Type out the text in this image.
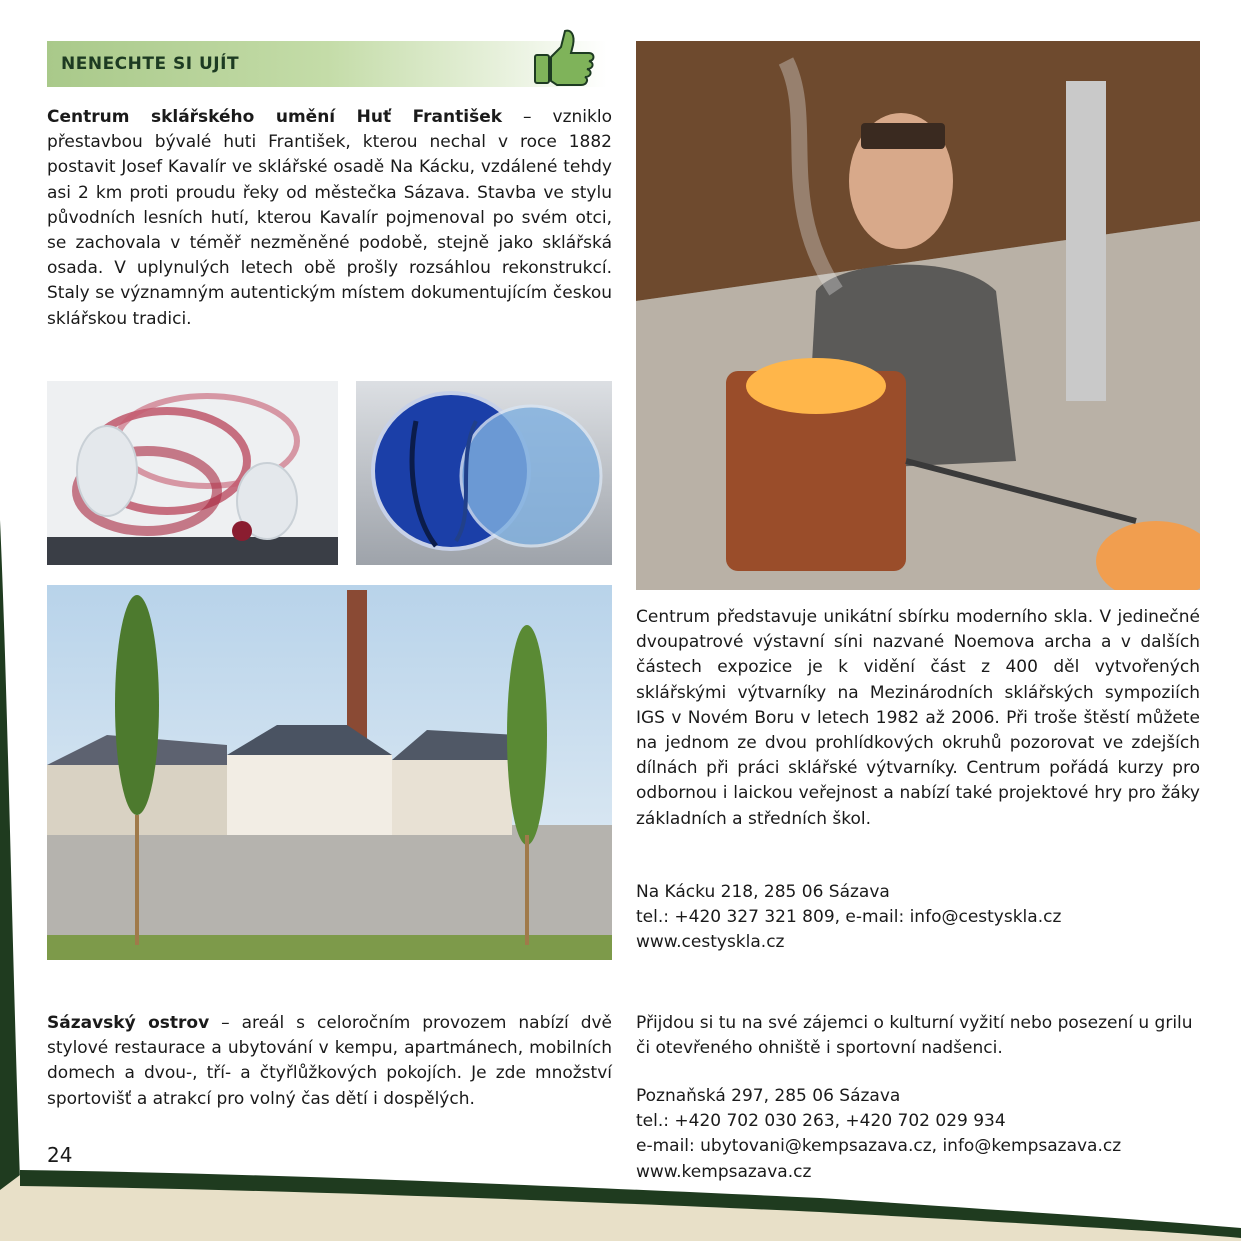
NENECHTE SI UJÍT
Centrum sklářského umění Huť František – vzniklo přestavbou bývalé huti František, kterou nechal v roce 1882 postavit Josef Kavalír ve sklářské osadě Na Kácku, vzdálené tehdy asi 2 km proti proudu řeky od městečka Sázava. Stavba ve stylu původních lesních hutí, kterou Kavalír pojmenoval po svém otci, se zachovala v téměř nezměněné podobě, stejně jako sklářská osada. V uplynulých letech obě prošly rozsáhlou rekonstrukcí. Staly se významným autentickým místem dokumentujícím českou sklářskou tradici.
Centrum představuje unikátní sbírku moderního skla. V jedinečné dvoupatrové výstavní síni nazvané Noemova archa a v dalších částech expozice je k vidění část z 400 děl vytvořených sklářskými výtvarníky na Mezinárodních sklářských sympoziích IGS v Novém Boru v letech 1982 až 2006. Při troše štěstí můžete na jednom ze dvou prohlídkových okruhů pozorovat ve zdejších dílnách při práci sklářské výtvarníky. Centrum pořádá kurzy pro odbornou i laickou veřejnost a nabízí také projektové hry pro žáky základních a středních škol.
Na Kácku 218, 285 06 Sázava
tel.: +420 327 321 809, e-mail: info@cestyskla.cz
www.cestyskla.cz
Sázavský ostrov – areál s celoročním provozem nabízí dvě stylové restaurace a ubytování v kempu, apartmánech, mobilních domech a dvou-, tří- a čtyřlůžkových pokojích. Je zde množství sportovišť a atrakcí pro volný čas dětí i dospělých.
Přijdou si tu na své zájemci o kulturní vyžití nebo posezení u grilu či otevřeného ohniště i sportovní nadšenci.
Poznaňská 297, 285 06 Sázava
tel.: +420 702 030 263, +420 702 029 934
e-mail: ubytovani@kempsazava.cz, info@kempsazava.cz
www.kempsazava.cz
24
